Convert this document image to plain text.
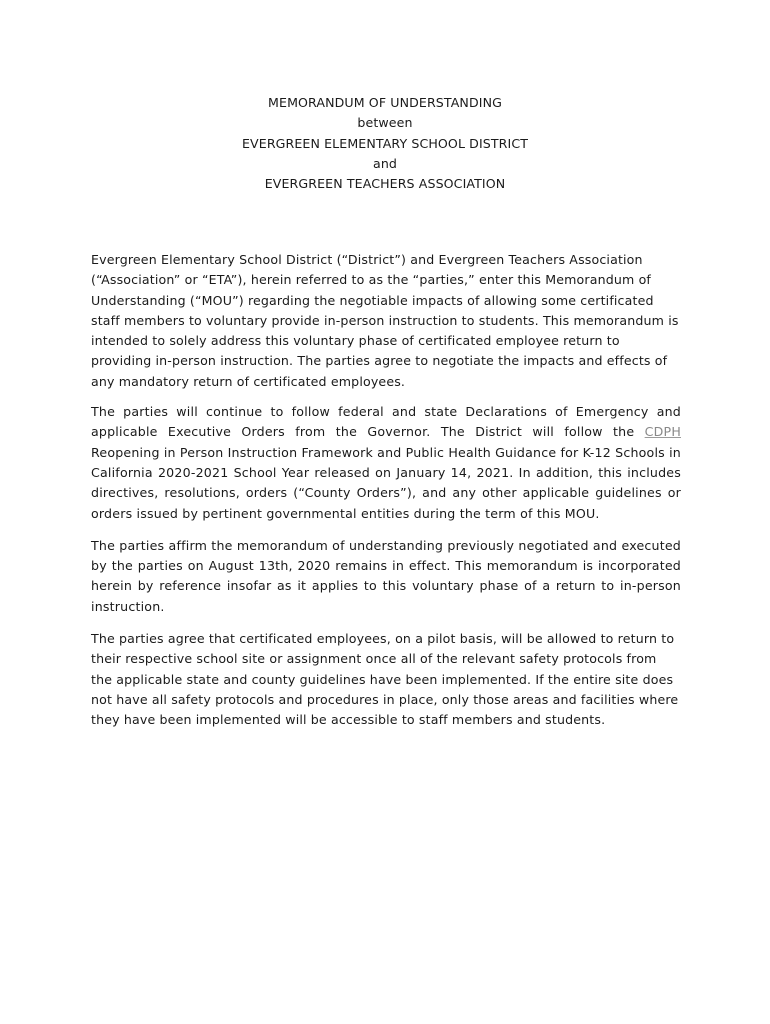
MEMORANDUM OF UNDERSTANDING
between
EVERGREEN ELEMENTARY SCHOOL DISTRICT
and
EVERGREEN TEACHERS ASSOCIATION

Evergreen Elementary School District (“District”) and Evergreen Teachers Association (“Association” or “ETA”), herein referred to as the “parties,” enter this Memorandum of Understanding (“MOU”) regarding the negotiable impacts of allowing some certificated staff members to voluntary provide in-person instruction to students. This memorandum is intended to solely address this voluntary phase of certificated employee return to providing in-person instruction. The parties agree to negotiate the impacts and effects of any mandatory return of certificated employees.

The parties will continue to follow federal and state Declarations of Emergency and applicable Executive Orders from the Governor. The District will follow the CDPH Reopening in Person Instruction Framework and Public Health Guidance for K-12 Schools in California 2020-2021 School Year released on January 14, 2021. In addition, this includes directives, resolutions, orders (“County Orders”), and any other applicable guidelines or orders issued by pertinent governmental entities during the term of this MOU.

The parties affirm the memorandum of understanding previously negotiated and executed by the parties on August 13th, 2020 remains in effect. This memorandum is incorporated herein by reference insofar as it applies to this voluntary phase of a return to in-person instruction.

The parties agree that certificated employees, on a pilot basis, will be allowed to return to their respective school site or assignment once all of the relevant safety protocols from the applicable state and county guidelines have been implemented. If the entire site does not have all safety protocols and procedures in place, only those areas and facilities where they have been implemented will be accessible to staff members and students.
